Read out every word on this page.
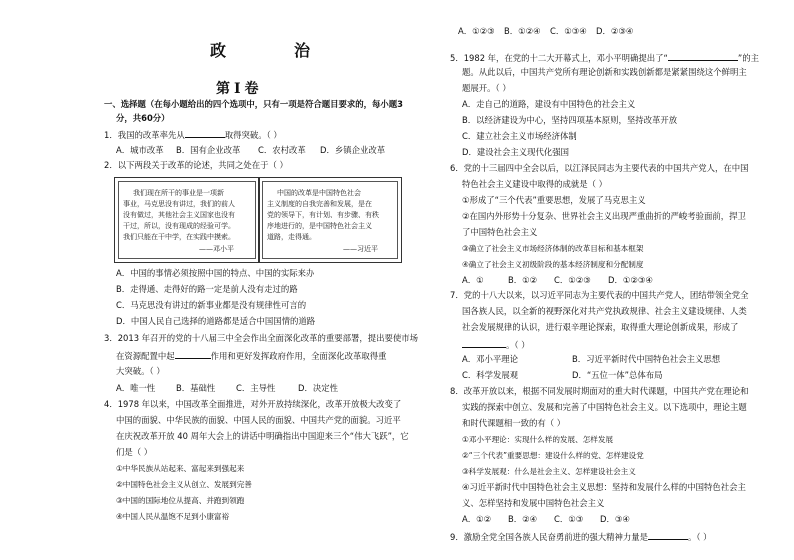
政　治
第Ⅰ卷
一、选择题（在每小题给出的四个选项中，只有一项是符合题目要求的，每小题3
分，共60分）
1．我国的改革率先从	取得突破。（ ）
A．城市改革 B．国有企业改革 C．农村改革 D．乡镇企业改革
2．以下两段关于改革的论述，共同之处在于（ ）
我们现在所干的事业是一项新
事业，马克思没有讲过，我们的前人
没有做过，其他社会主义国家也没有
干过，所以，没有现成的经验可学。
我们只能在干中学，在实践中摸索。
——邓小平
中国的改革是中国特色社会
主义制度的自我完善和发展，是在
党的领导下，有计划、有步骤、有秩
序地进行的，是中国特色社会主义
道路，走得通。
——习近平
A．中国的事情必须按照中国的特点、中国的实际来办
B．走得通、走得好的路一定是前人没有走过的路
C．马克思没有讲过的新事业都是没有规律性可言的
D．中国人民自己选择的道路都是适合中国国情的道路
3．2013 年召开的党的十八届三中全会作出全面深化改革的重要部署，提出要使市场
在资源配置中起	作用和更好发挥政府作用，全面深化改革取得重
大突破。（ ）
A．唯一性 B．基础性 C．主导性	D．决定性
4．1978 年以来，中国改革全面推进，对外开放持续深化，改革开放极大改变了
中国的面貌、中华民族的面貌、中国人民的面貌、中国共产党的面貌。习近平
在庆祝改革开放 40 周年大会上的讲话中明确指出中国迎来三个“伟大飞跃”，它
们是（ ）
①中华民族从站起来、富起来到强起来
②中国特色社会主义从创立、发展到完善
③中国的国际地位从提高、并跑到领跑
④中国人民从温饱不足到小康富裕
A．①②③ B．①②④ C．①③④ D．②③④
5．1982 年，在党的十二大开幕式上，邓小平明确提出了“	”的主
题。从此以后，中国共产党所有理论创新和实践创新都是紧紧围绕这个鲜明主
题展开。（ ）
A．走自己的道路，建设有中国特色的社会主义
B．以经济建设为中心，坚持四项基本原则，坚持改革开放
C．建立社会主义市场经济体制
D．建设社会主义现代化强国
6．党的十三届四中全会以后，以江泽民同志为主要代表的中国共产党人，在中国
特色社会主义建设中取得的成就是（ ）
①形成了“三个代表”重要思想，发展了马克思主义
②在国内外形势十分复杂、世界社会主义出现严重曲折的严峻考验面前，捍卫
了中国特色社会主义
③确立了社会主义市场经济体制的改革目标和基本框架
④确立了社会主义初级阶段的基本经济制度和分配制度
A．①	B．①② C．①②③ D．①②③④
7．党的十八大以来，以习近平同志为主要代表的中国共产党人，团结带领全党全
国各族人民，以全新的视野深化对共产党执政规律、社会主义建设规律、人类
社会发展规律的认识，进行艰辛理论探索，取得重大理论创新成果，形成了
。（ ）
A．邓小平理论	B．习近平新时代中国特色社会主义思想
C．科学发展观	D．“五位一体”总体布局
8．改革开放以来，根据不同发展时期面对的重大时代课题，中国共产党在理论和
实践的探索中创立、发展和完善了中国特色社会主义。以下选项中，理论主题
和时代课题相一致的有（ ）
①邓小平理论：实现什么样的发展、怎样发展
②“三个代表”重要思想：建设什么样的党、怎样建设党
③科学发展观：什么是社会主义、怎样建设社会主义
④习近平新时代中国特色社会主义思想：坚持和发展什么样的中国特色社会主
义、怎样坚持和发展中国特色社会主义
A．①② B．②④ C．①③ D．③④
9．激励全党全国各族人民奋勇前进的强大精神力量是	。（ ）
